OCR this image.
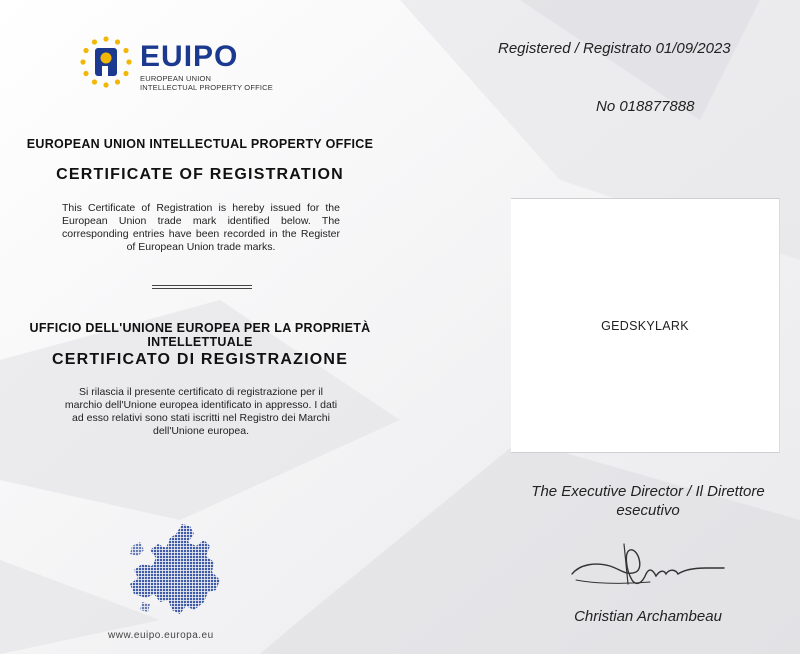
EUIPO
EUROPEAN UNION
INTELLECTUAL PROPERTY OFFICE
EUROPEAN UNION INTELLECTUAL PROPERTY OFFICE
CERTIFICATE OF REGISTRATION
This Certificate of Registration is hereby issued for the European Union trade mark identified below. The corresponding entries have been recorded in the Register of European Union trade marks.
UFFICIO DELL'UNIONE EUROPEA PER LA PROPRIETÀ INTELLETTUALE
CERTIFICATO DI REGISTRAZIONE
Si rilascia il presente certificato di registrazione per il marchio dell'Unione europea identificato in appresso. I dati ad esso relativi sono stati iscritti nel Registro dei Marchi dell'Unione europea.
www.euipo.europa.eu
Registered / Registrato 01/09/2023
No 018877888
GEDSKYLARK
The Executive Director / Il Direttore esecutivo
Christian Archambeau
